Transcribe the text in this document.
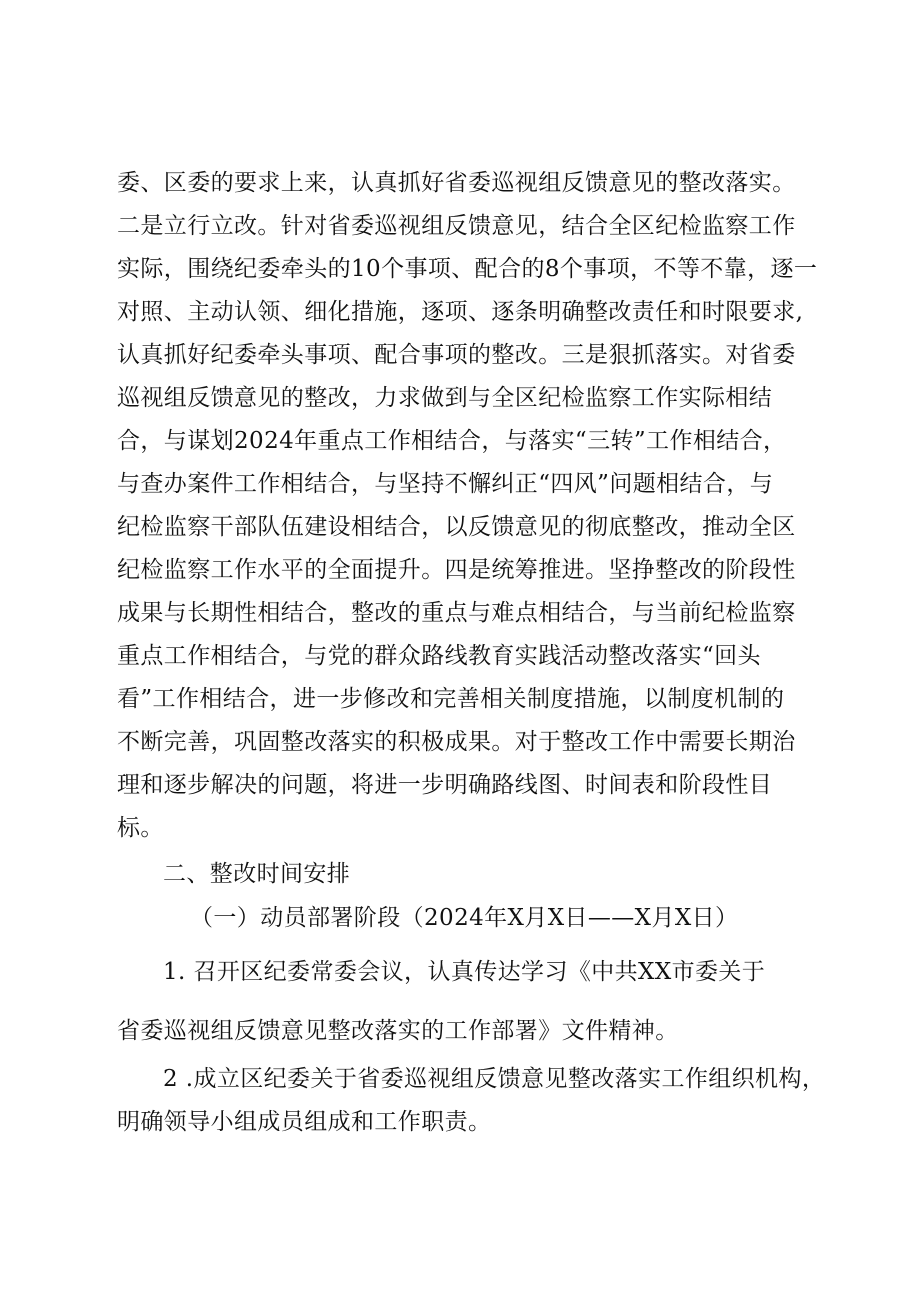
委、区委的要求上来，认真抓好省委巡视组反馈意见的整改落实。
二是立行立改。针对省委巡视组反馈意见，结合全区纪检监察工作
实际，围绕纪委牵头的10个事项、配合的8个事项，不等不靠，逐一
对照、主动认领、细化措施，逐项、逐条明确整改责任和时限要求,
认真抓好纪委牵头事项、配合事项的整改。三是狠抓落实。对省委
巡视组反馈意见的整改，力求做到与全区纪检监察工作实际相结
合，与谋划2024年重点工作相结合，与落实“三转”工作相结合，
与查办案件工作相结合，与坚持不懈纠正“四风”问题相结合，与
纪检监察干部队伍建设相结合，以反馈意见的彻底整改，推动全区
纪检监察工作水平的全面提升。四是统筹推进。坚挣整改的阶段性
成果与长期性相结合，整改的重点与难点相结合，与当前纪检监察
重点工作相结合，与党的群众路线教育实践活动整改落实“回头
看”工作相结合，进一步修改和完善相关制度措施，以制度机制的
不断完善，巩固整改落实的积极成果。对于整改工作中需要长期治
理和逐步解决的问题，将进一步明确路线图、时间表和阶段性目
标。
二、整改时间安排
（一）动员部署阶段（2024年X月X日——X月X日）
1. 召开区纪委常委会议，认真传达学习《中共XX市委关于
省委巡视组反馈意见整改落实的工作部署》文件精神。
2 .成立区纪委关于省委巡视组反馈意见整改落实工作组织机构，
明确领导小组成员组成和工作职责。
